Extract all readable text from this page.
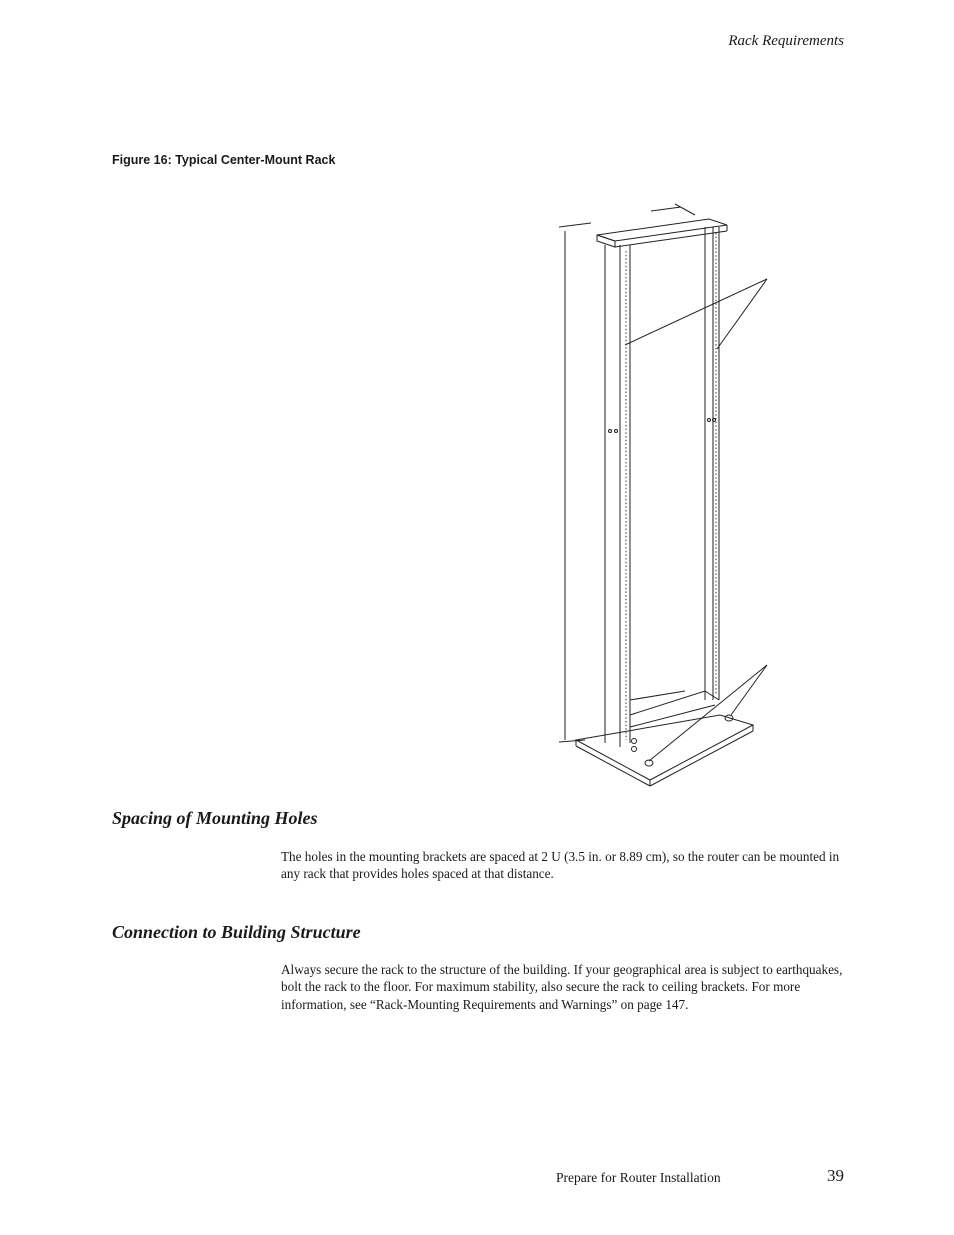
Rack Requirements
Figure 16: Typical Center-Mount Rack
Spacing of Mounting Holes
The holes in the mounting brackets are spaced at 2 U (3.5 in. or 8.89 cm), so the router can be mounted in any rack that provides holes spaced at that distance.
Connection to Building Structure
Always secure the rack to the structure of the building. If your geographical area is subject to earthquakes, bolt the rack to the floor. For maximum stability, also secure the rack to ceiling brackets. For more information, see “Rack-Mounting Requirements and Warnings” on page 147.
Prepare for Router Installation	39
